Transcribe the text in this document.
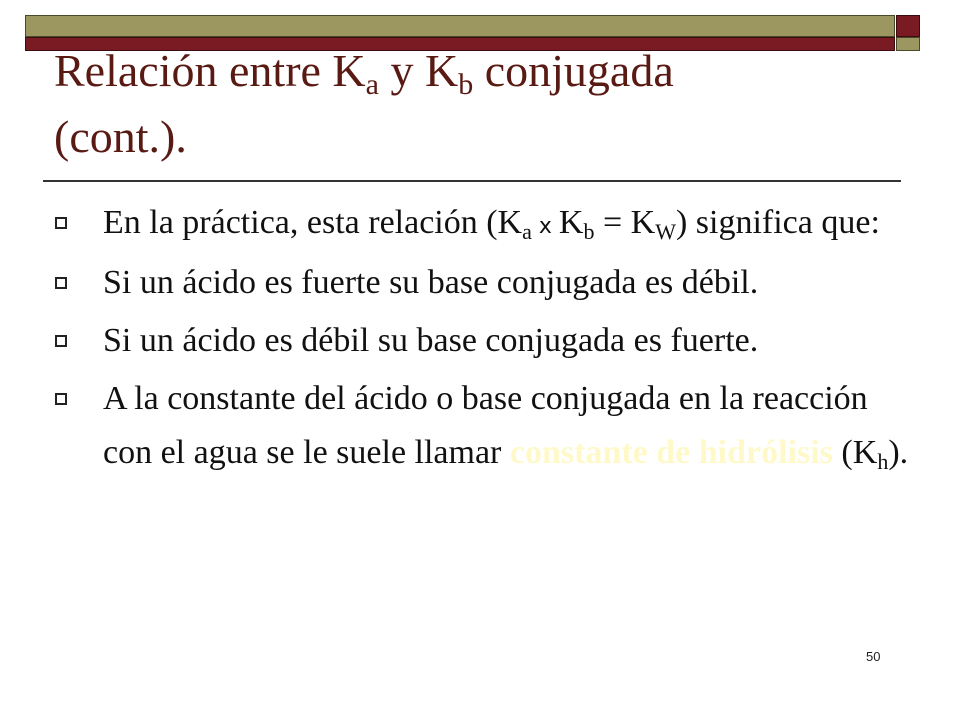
Relación entre $K_a$ y $K_b$ conjugada
(cont.).
En la práctica, esta relación ($K_a$ x $K_b = K_W$) significa que:
Si un ácido es fuerte su base conjugada es débil.
Si un ácido es débil su base conjugada es fuerte.
A la constante del ácido o base conjugada en la reacción con el agua se le suele llamar constante de hidrólisis $(K_h)$.
50
